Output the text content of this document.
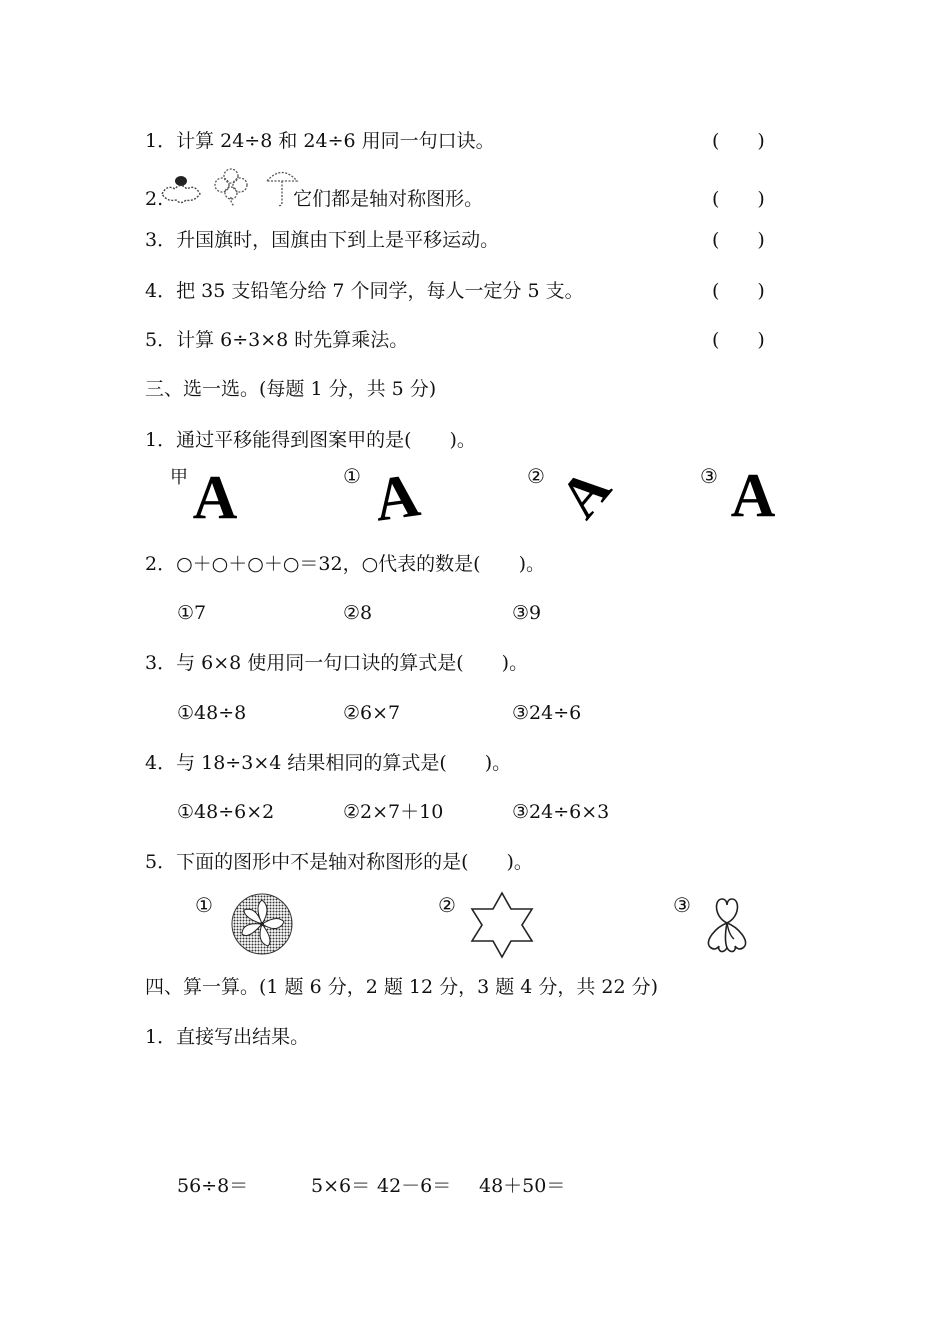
1．计算 24÷8 和 24÷6 用同一句口诀。	(　　)
2.	它们都是轴对称图形。	(　　)
3．升国旗时，国旗由下到上是平移运动。	(　　)
4．把 35 支铅笔分给 7 个同学，每人一定分 5 支。	(　　)
5．计算 6÷3×8 时先算乘法。	(　　)
三、选一选。(每题 1 分，共 5 分)
1．通过平移能得到图案甲的是(　　)。
甲 A	① A	② A	③ A
2．○＋○＋○＋○＝32，○代表的数是(　　)。
①7	②8	③9
3．与 6×8 使用同一句口诀的算式是(　　)。
①48÷8	②6×7	③24÷6
4．与 18÷3×4 结果相同的算式是(　　)。
①48÷6×2	②2×7＋10	③24÷6×3
5．下面的图形中不是轴对称图形的是(　　)。
①	②	③
四、算一算。(1 题 6 分，2 题 12 分，3 题 4 分，共 22 分)
1．直接写出结果。
56÷8＝	5×6＝ 42－6＝ 48＋50＝
